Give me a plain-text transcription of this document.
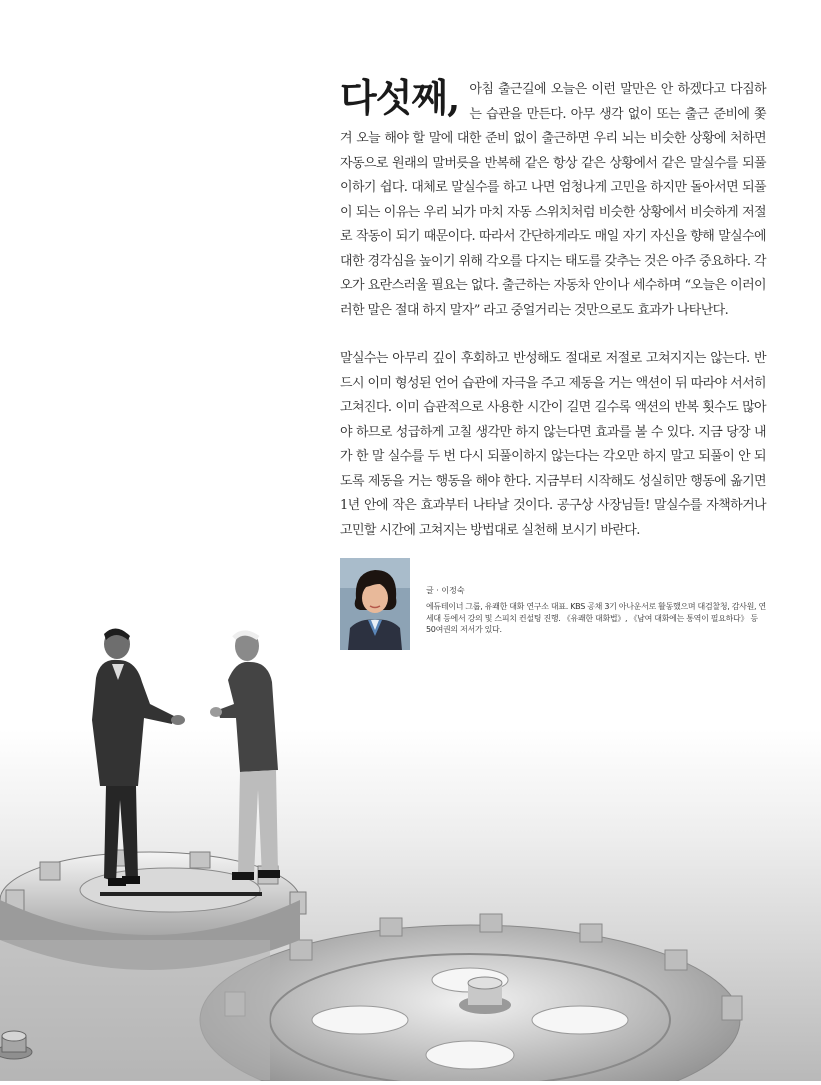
다섯째, 아침 출근길에 오늘은 이런 말만은 안 하겠다고 다짐하는 습관을 만든다. 아무 생각 없이 또는 출근 준비에 쫓겨 오늘 해야 할 말에 대한 준비 없이 출근하면 우리 뇌는 비슷한 상황에 처하면 자동으로 원래의 말버릇을 반복해 같은 항상 같은 상황에서 같은 말실수를 되풀이하기 쉽다. 대체로 말실수를 하고 나면 엄청나게 고민을 하지만 돌아서면 되풀이 되는 이유는 우리 뇌가 마치 자동 스위치처럼 비슷한 상황에서 비슷하게 저절로 작동이 되기 때문이다. 따라서 간단하게라도 매일 자기 자신을 향해 말실수에 대한 경각심을 높이기 위해 각오를 다지는 태도를 갖추는 것은 아주 중요하다. 각오가 요란스러울 필요는 없다. 출근하는 자동차 안이나 세수하며 “오늘은 이러이러한 말은 절대 하지 말자” 라고 중얼거리는 것만으로도 효과가 나타난다.

말실수는 아무리 깊이 후회하고 반성해도 절대로 저절로 고쳐지지는 않는다. 반드시 이미 형성된 언어 습관에 자극을 주고 제동을 거는 액션이 뒤 따라야 서서히 고쳐진다. 이미 습관적으로 사용한 시간이 길면 길수록 액션의 반복 횟수도 많아야 하므로 성급하게 고칠 생각만 하지 않는다면 효과를 볼 수 있다. 지금 당장 내가 한 말 실수를 두 번 다시 되풀이하지 않는다는 각오만 하지 말고 되풀이 안 되도록 제동을 거는 행동을 해야 한다. 지금부터 시작해도 성실히만 행동에 옮기면 1년 안에 작은 효과부터 나타날 것이다. 공구상 사장님들! 말실수를 자책하거나 고민할 시간에 고쳐지는 방법대로 실천해 보시기 바란다.

글 · 이정숙
에듀테이너 그룹, 유쾌한 대화 연구소 대표. KBS 공채 3기 아나운서로 활동했으며 대검찰청, 감사원, 연세대 등에서 강의 및 스피치 컨설팅 진행. 《유쾌한 대화법》, 《남여 대화에는 통역이 필요하다》 등 50여권의 저서가 있다.
